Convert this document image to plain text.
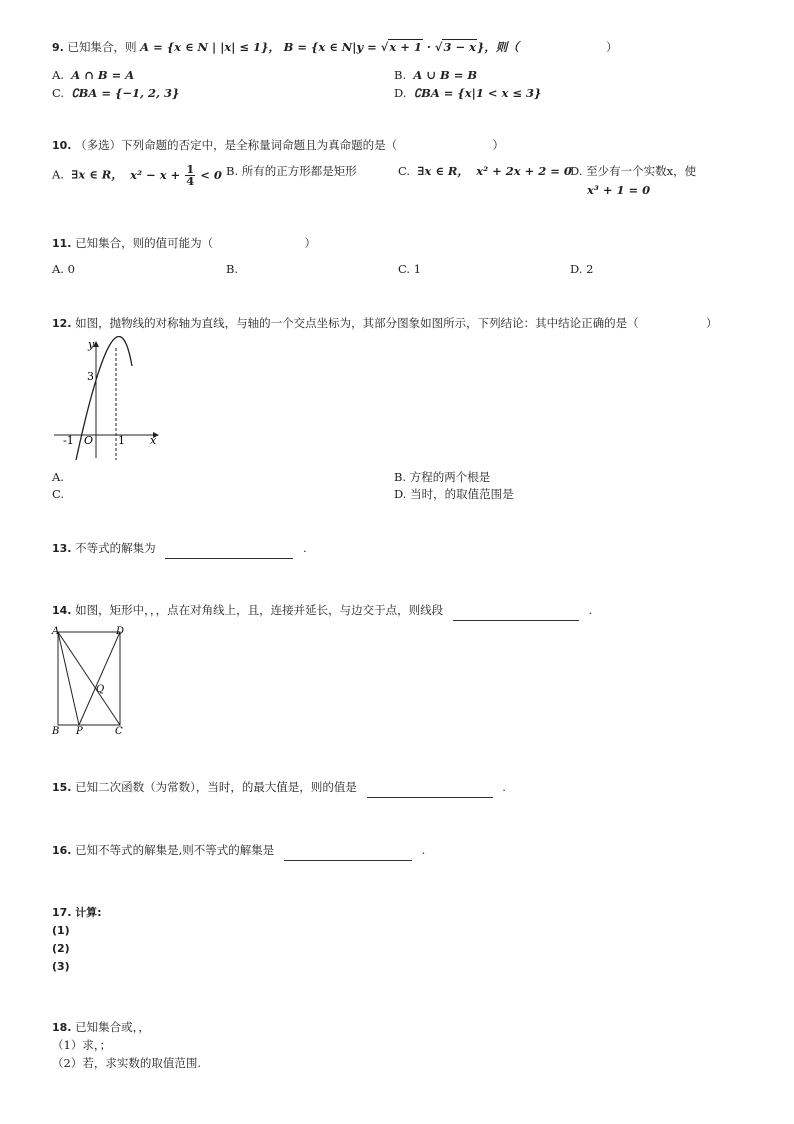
9. 已知集合，则 A = {x ∈ N | |x| ≤ 1}， B = {x ∈ N|y = √x + 1 · √3 − x}，则（	）
A. A ∩ B = A	B. A ∪ B = B
C. ∁BA = {−1, 2, 3}	D. ∁BA = {x|1 < x ≤ 3}
10. （多选）下列命题的否定中，是全称量词命题且为真命题的是（	）
A. ∃x ∈ R， $x^2 - x + \frac{1}{4} < 0$ B. 所有的正方形都是矩形	C. ∃x ∈ R， x² + 2x + 2 = 0
D. 至少有一个实数x，使
x³ + 1 = 0
11. 已知集合，则的值可能为（	）
A. 0	B.	C. 1	D. 2
12. 如图，抛物线的对称轴为直线，与轴的一个交点坐标为，其部分图象如图所示，下列结论：其中结论正确的是（	）
y
x
3
-1 O 1
A.	B. 方程的两个根是
C.	D. 当时，的取值范围是
13. 不等式的解集为	.
14. 如图，矩形中，，，点在对角线上，且，连接并延长，与边交于点，则线段	.
A	D
Q
B P	C
15. 已知二次函数（为常数），当时，的最大值是，则的值是	.
16. 已知不等式的解集是,则不等式的解集是	.
17. 计算:
(1)
(2)
(3)
18. 已知集合或，，
（1）求，；
（2）若，求实数的取值范围.
